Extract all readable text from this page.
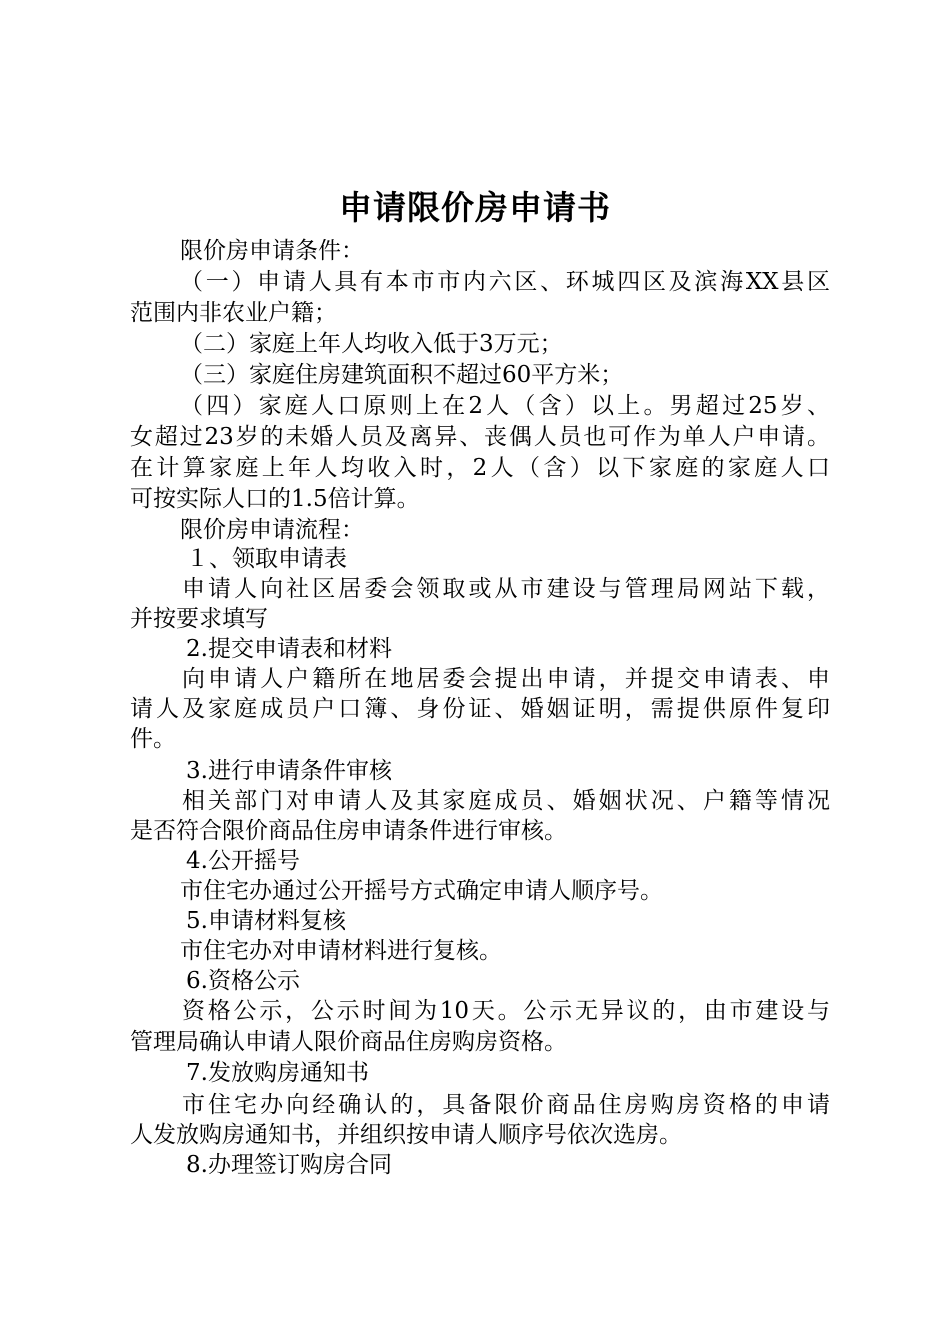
申请限价房申请书
限价房申请条件：
（一）申请人具有本市市内六区、环城四区及滨海XX县区
范围内非农业户籍；
（二）家庭上年人均收入低于3万元；
（三）家庭住房建筑面积不超过60平方米；
（四）家庭人口原则上在2人（含）以上。男超过25岁、
女超过23岁的未婚人员及离异、丧偶人员也可作为单人户申请。
在计算家庭上年人均收入时，2人（含）以下家庭的家庭人口
可按实际人口的1.5倍计算。
限价房申请流程：
１、领取申请表
申请人向社区居委会领取或从市建设与管理局网站下载，
并按要求填写
2.提交申请表和材料
向申请人户籍所在地居委会提出申请，并提交申请表、申
请人及家庭成员户口簿、身份证、婚姻证明，需提供原件复印
件。
3.进行申请条件审核
相关部门对申请人及其家庭成员、婚姻状况、户籍等情况
是否符合限价商品住房申请条件进行审核。
4.公开摇号
市住宅办通过公开摇号方式确定申请人顺序号。
5.申请材料复核
市住宅办对申请材料进行复核。
6.资格公示
资格公示，公示时间为10天。公示无异议的，由市建设与
管理局确认申请人限价商品住房购房资格。
7.发放购房通知书
市住宅办向经确认的，具备限价商品住房购房资格的申请
人发放购房通知书，并组织按申请人顺序号依次选房。
8.办理签订购房合同
